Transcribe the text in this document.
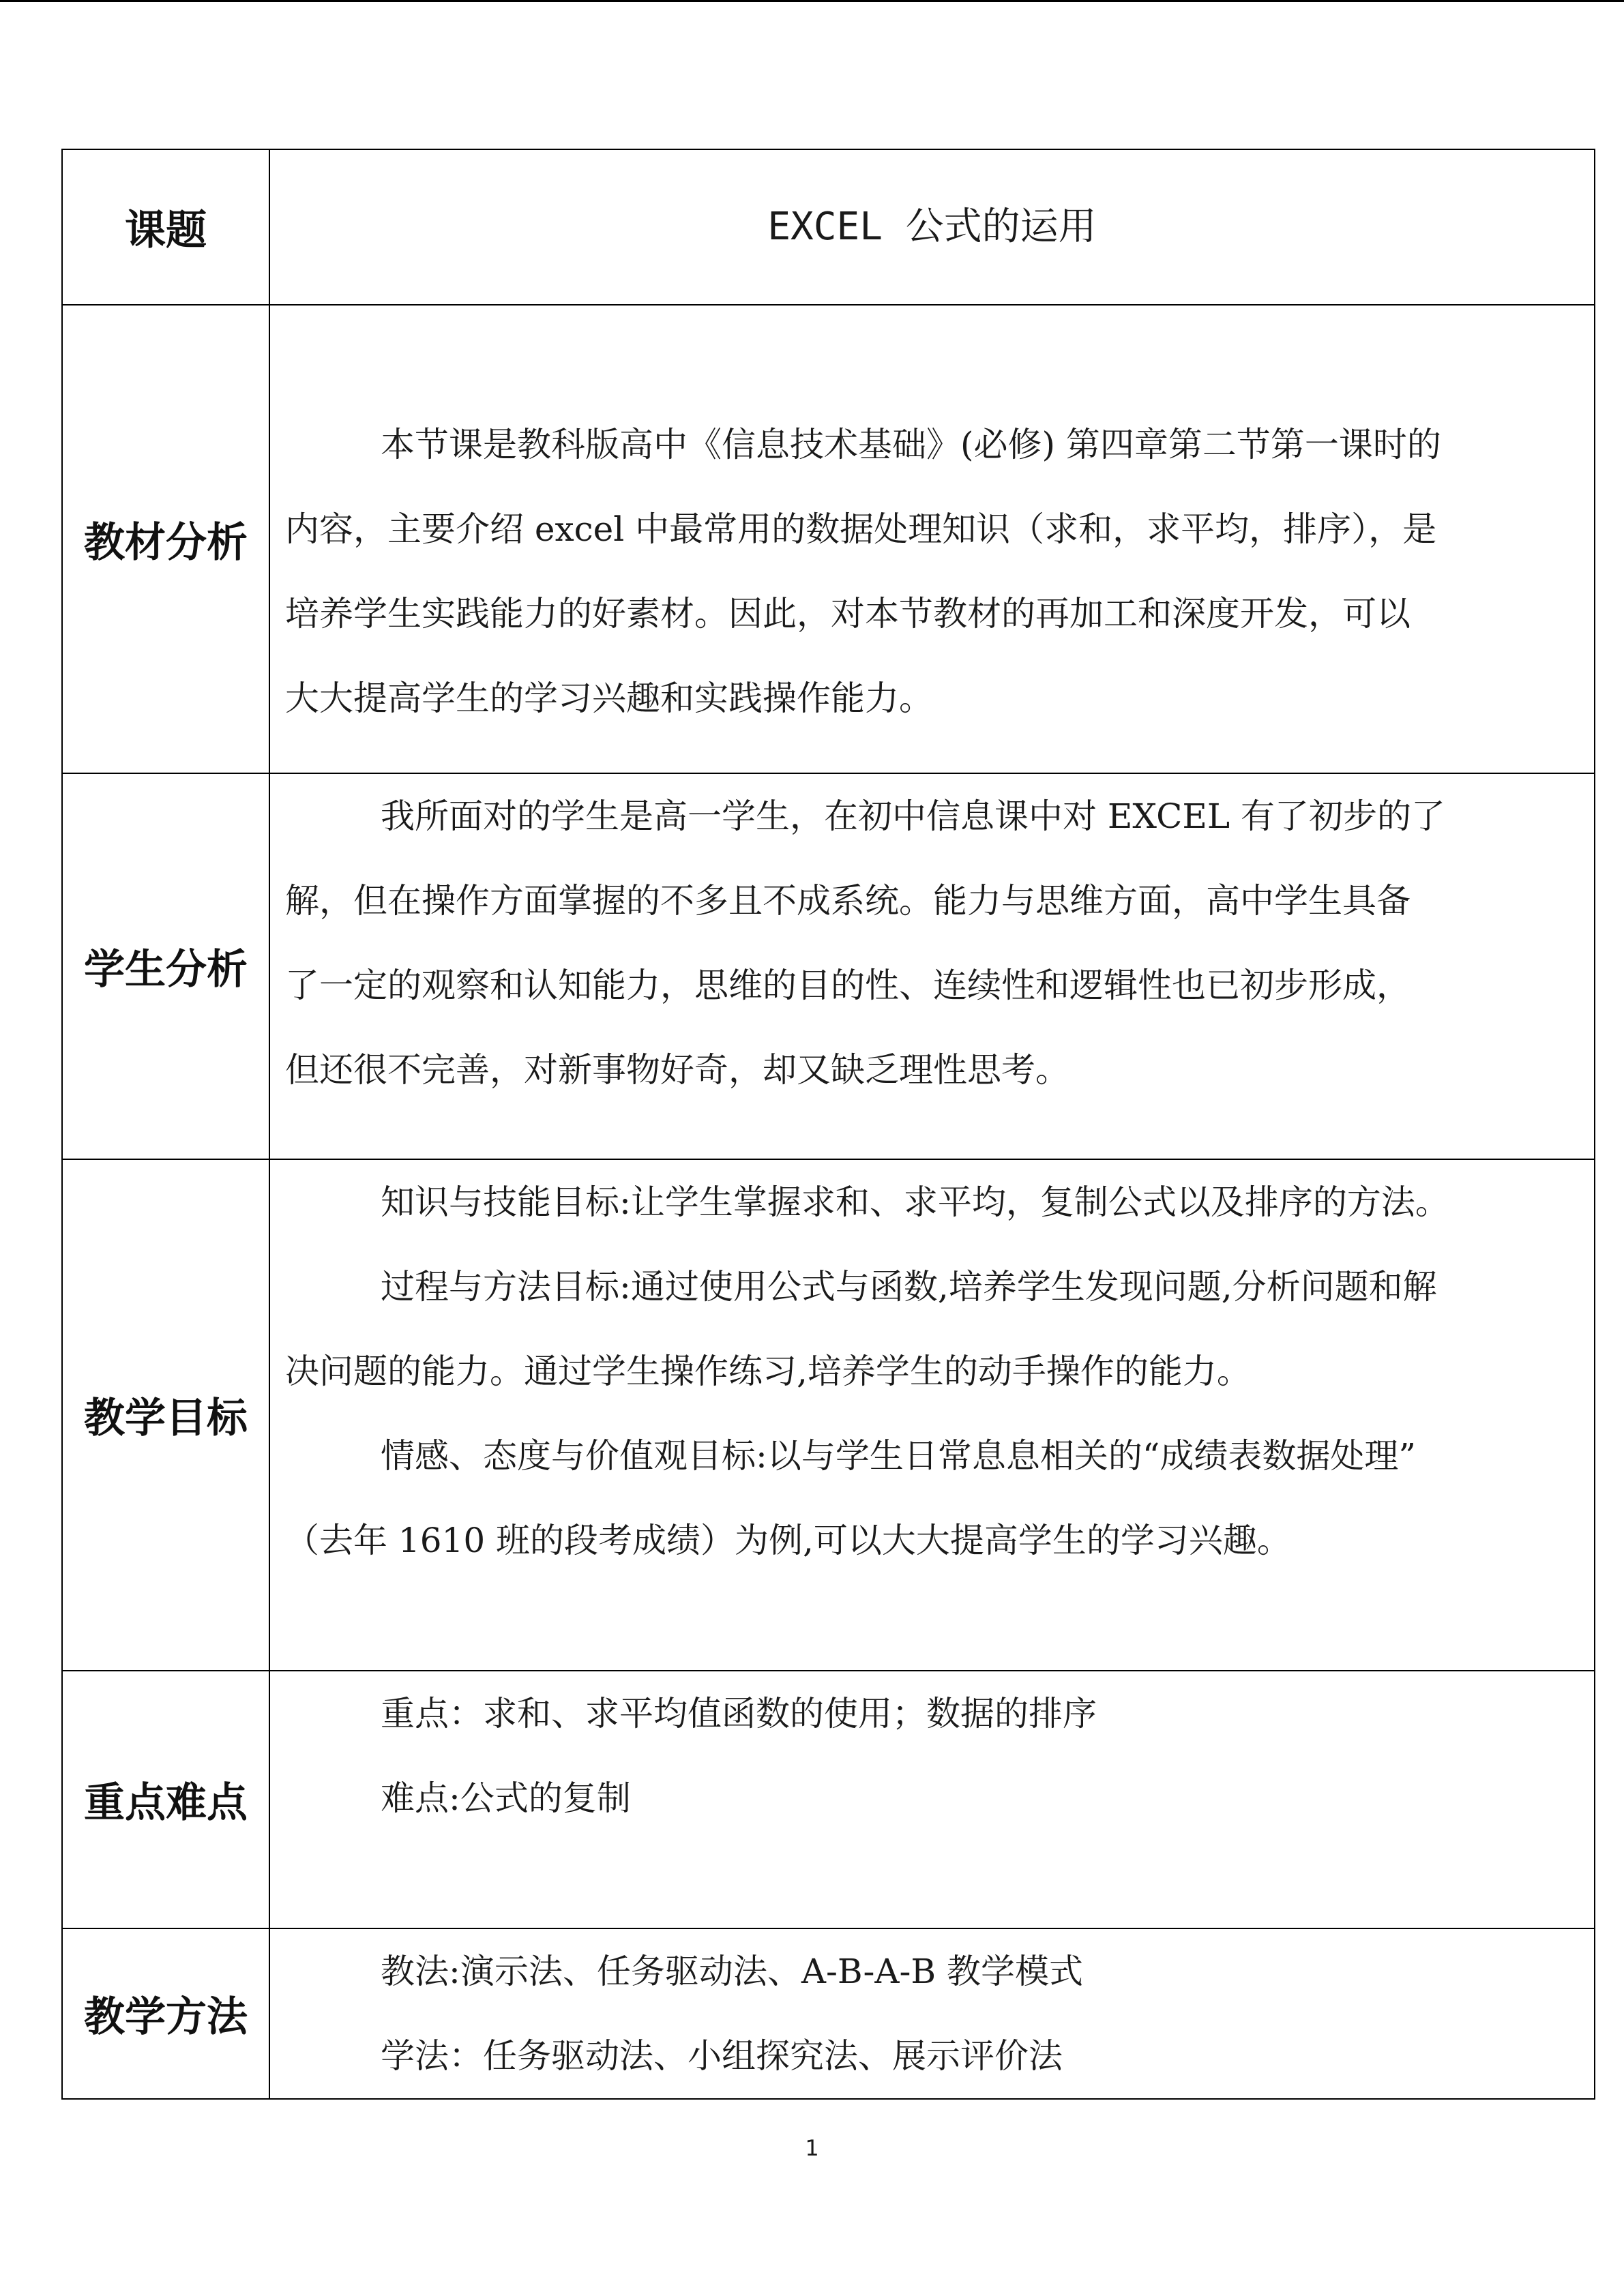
课题	EXCEL 公式的运用

教材分析	本节课是教科版高中《信息技术基础》(必修) 第四章第二节第一课时的

内容，主要介绍 excel 中最常用的数据处理知识（求和，求平均，排序），是

培养学生实践能力的好素材。因此，对本节教材的再加工和深度开发，可以

大大提高学生的学习兴趣和实践操作能力。

学生分析	我所面对的学生是高一学生，在初中信息课中对 EXCEL 有了初步的了

解，但在操作方面掌握的不多且不成系统。能力与思维方面，高中学生具备

了一定的观察和认知能力，思维的目的性、连续性和逻辑性也已初步形成，

但还很不完善，对新事物好奇，却又缺乏理性思考。

教学目标	知识与技能目标:让学生掌握求和、求平均，复制公式以及排序的方法。

过程与方法目标:通过使用公式与函数,培养学生发现问题,分析问题和解

决问题的能力。通过学生操作练习,培养学生的动手操作的能力。

情感、态度与价值观目标:以与学生日常息息相关的“成绩表数据处理”

（去年 1610 班的段考成绩）为例,可以大大提高学生的学习兴趣。

重点难点	重点：求和、求平均值函数的使用；数据的排序

难点:公式的复制

教学方法	教法:演示法、任务驱动法、A-B-A-B 教学模式

学法：任务驱动法、小组探究法、展示评价法

1
